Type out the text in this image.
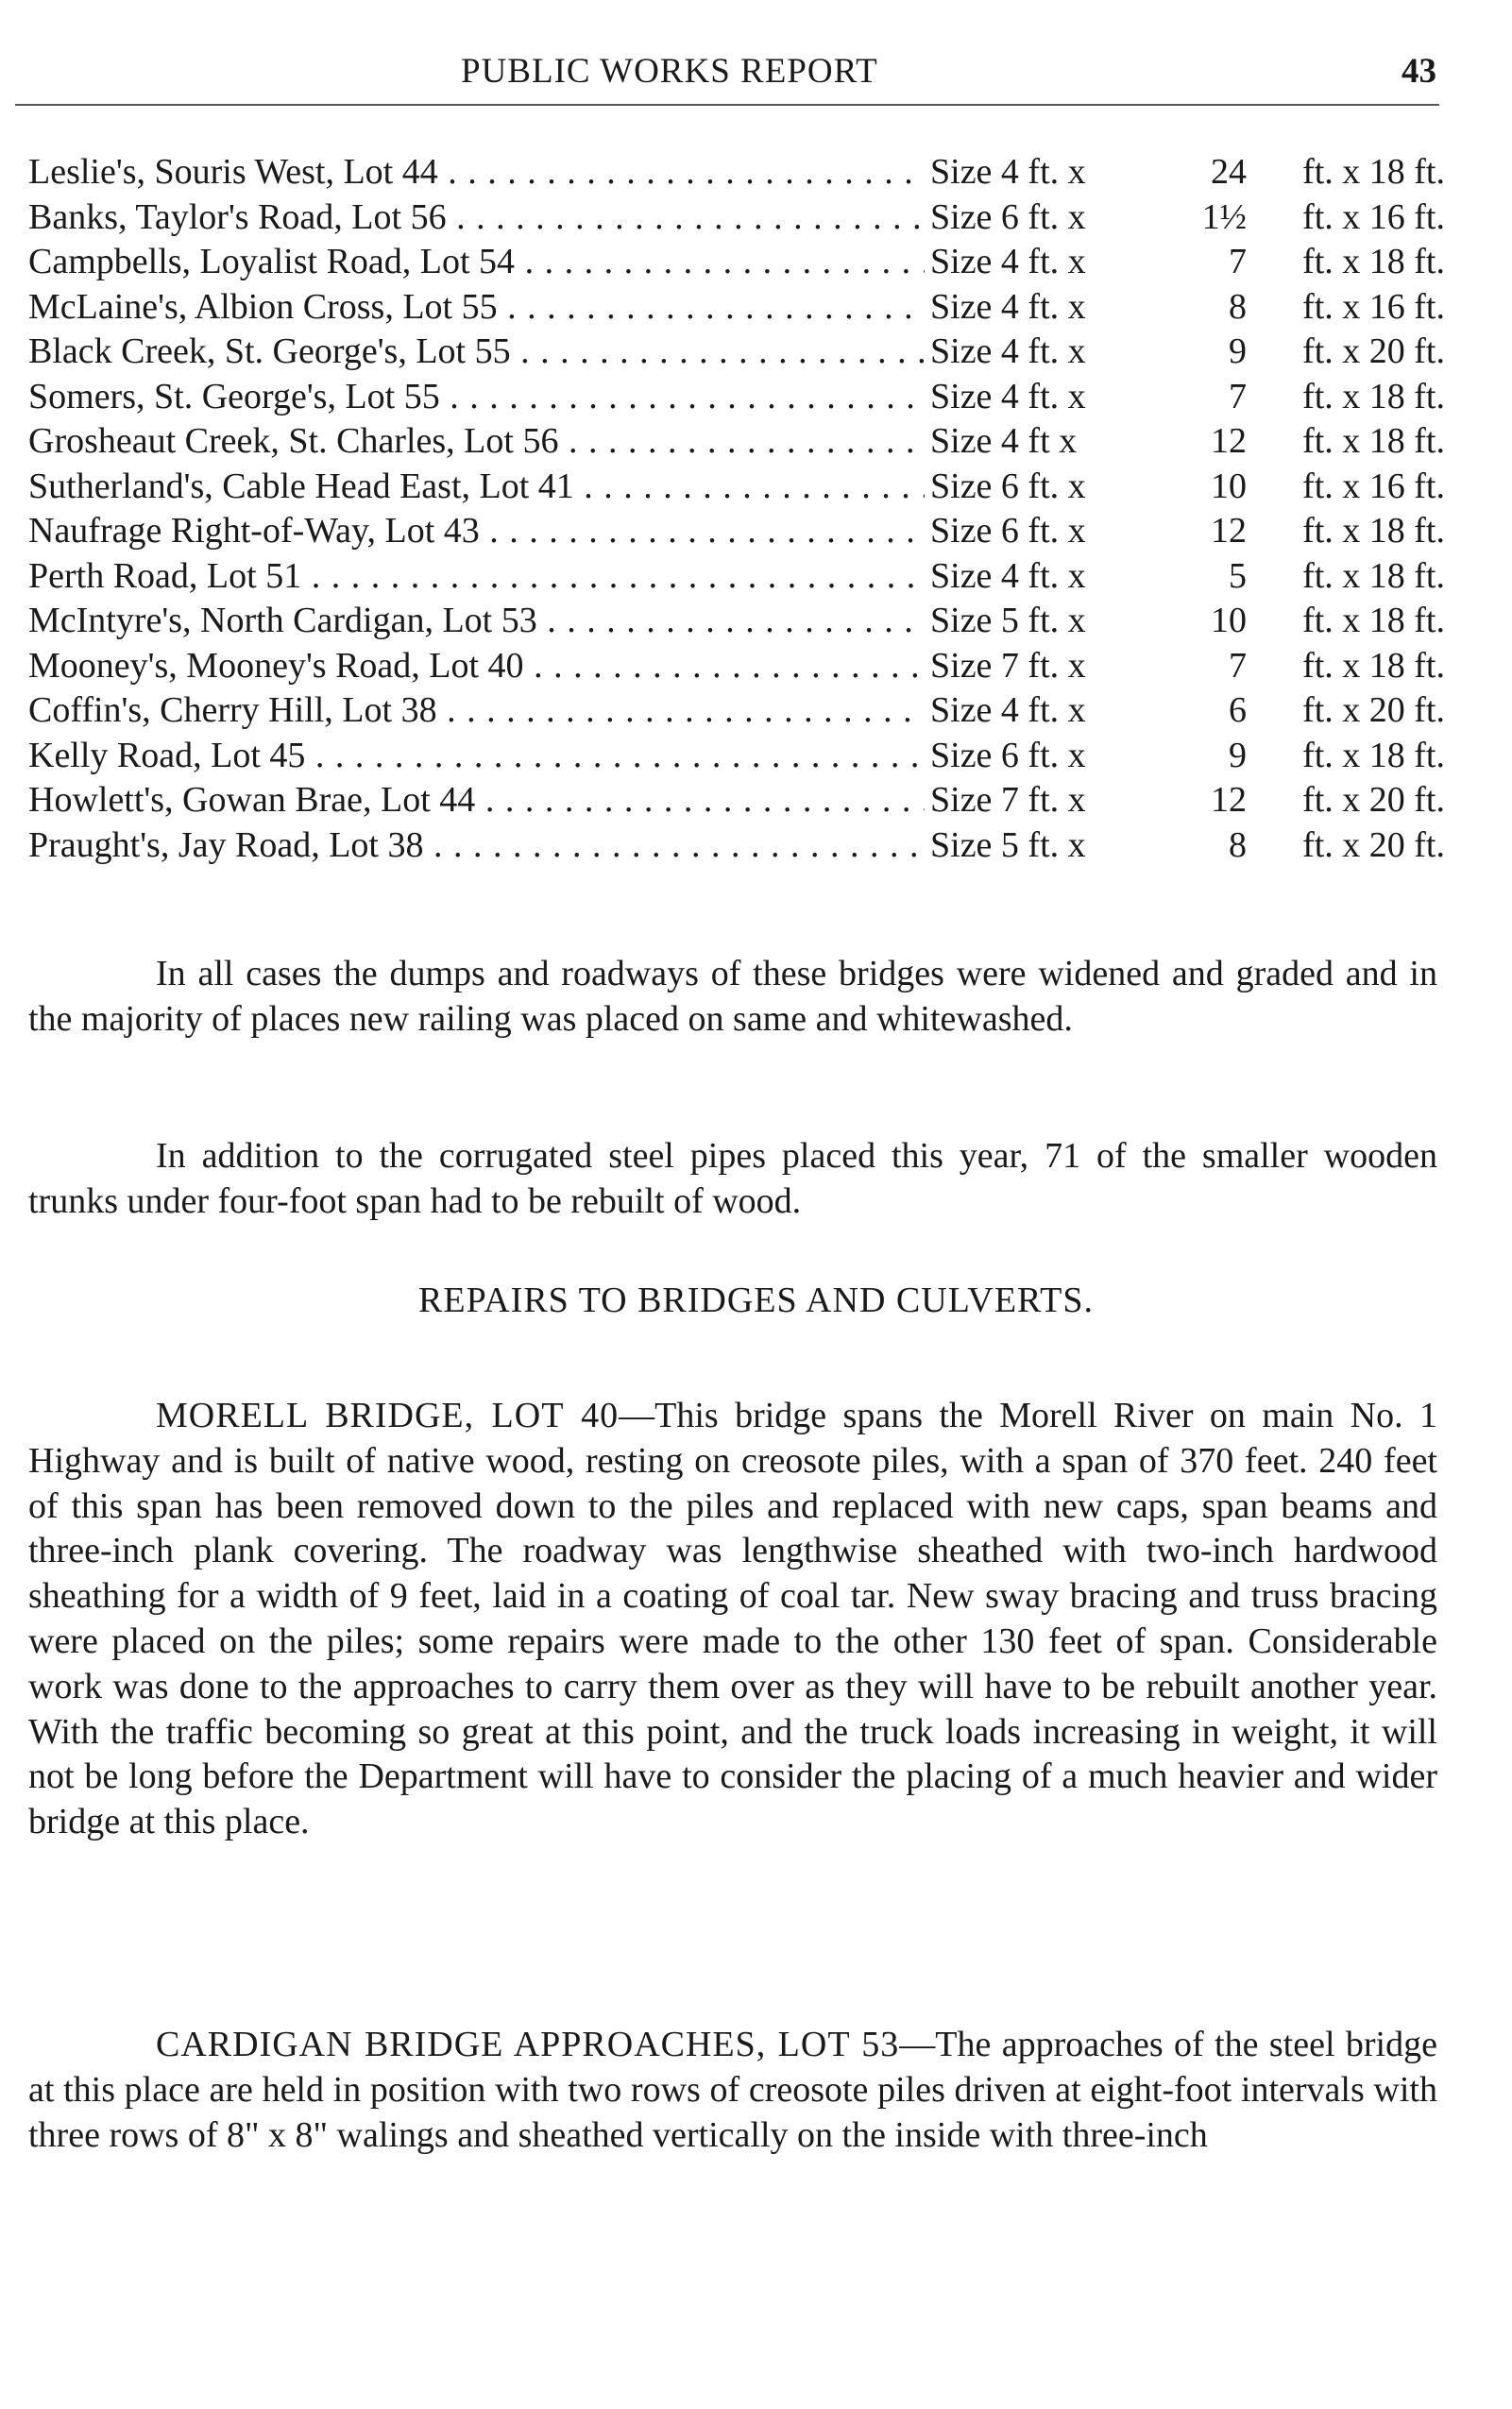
PUBLIC WORKS REPORT	43
Leslie's, Souris West, Lot 44 . . .	Size 4 ft. x	24	ft. x 18 ft.
Banks, Taylor's Road, Lot 56 . . .	Size 6 ft. x	1½	ft. x 16 ft.
Campbells, Loyalist Road, Lot 54 . . .	Size 4 ft. x	7	ft. x 18 ft.
McLaine's, Albion Cross, Lot 55 . . .	Size 4 ft. x	8	ft. x 16 ft.
Black Creek, St. George's, Lot 55 . . .	Size 4 ft. x	9	ft. x 20 ft.
Somers, St. George's, Lot 55 . . .	Size 4 ft. x	7	ft. x 18 ft.
Grosheaut Creek, St. Charles, Lot 56 . . .	Size 4 ft x	12	ft. x 18 ft.
Sutherland's, Cable Head East, Lot 41 . . .	Size 6 ft. x	10	ft. x 16 ft.
Naufrage Right-of-Way, Lot 43 . . .	Size 6 ft. x	12	ft. x 18 ft.
Perth Road, Lot 51 . . .	Size 4 ft. x	5	ft. x 18 ft.
McIntyre's, North Cardigan, Lot 53 . . .	Size 5 ft. x	10	ft. x 18 ft.
Mooney's, Mooney's Road, Lot 40 . . .	Size 7 ft. x	7	ft. x 18 ft.
Coffin's, Cherry Hill, Lot 38 . . .	Size 4 ft. x	6	ft. x 20 ft.
Kelly Road, Lot 45 . . .	Size 6 ft. x	9	ft. x 18 ft.
Howlett's, Gowan Brae, Lot 44 . . .	Size 7 ft. x	12	ft. x 20 ft.
Praught's, Jay Road, Lot 38 . . .	Size 5 ft. x	8	ft. x 20 ft.

In all cases the dumps and roadways of these bridges were widened and graded and in the majority of places new railing was placed on same and whitewashed.

In addition to the corrugated steel pipes placed this year, 71 of the smaller wooden trunks under four-foot span had to be rebuilt of wood.

REPAIRS TO BRIDGES AND CULVERTS.

MORELL BRIDGE, LOT 40—This bridge spans the Morell River on main No. 1 Highway and is built of native wood, resting on creosote piles, with a span of 370 feet. 240 feet of this span has been removed down to the piles and replaced with new caps, span beams and three-inch plank covering. The roadway was lengthwise sheathed with two-inch hardwood sheathing for a width of 9 feet, laid in a coating of coal tar. New sway bracing and truss bracing were placed on the piles; some repairs were made to the other 130 feet of span. Considerable work was done to the approaches to carry them over as they will have to be rebuilt another year. With the traffic becoming so great at this point, and the truck loads increasing in weight, it will not be long before the Department will have to consider the placing of a much heavier and wider bridge at this place.

CARDIGAN BRIDGE APPROACHES, LOT 53—The approaches of the steel bridge at this place are held in position with two rows of creosote piles driven at eight-foot intervals with three rows of 8" x 8" walings and sheathed vertically on the inside with three-inch
